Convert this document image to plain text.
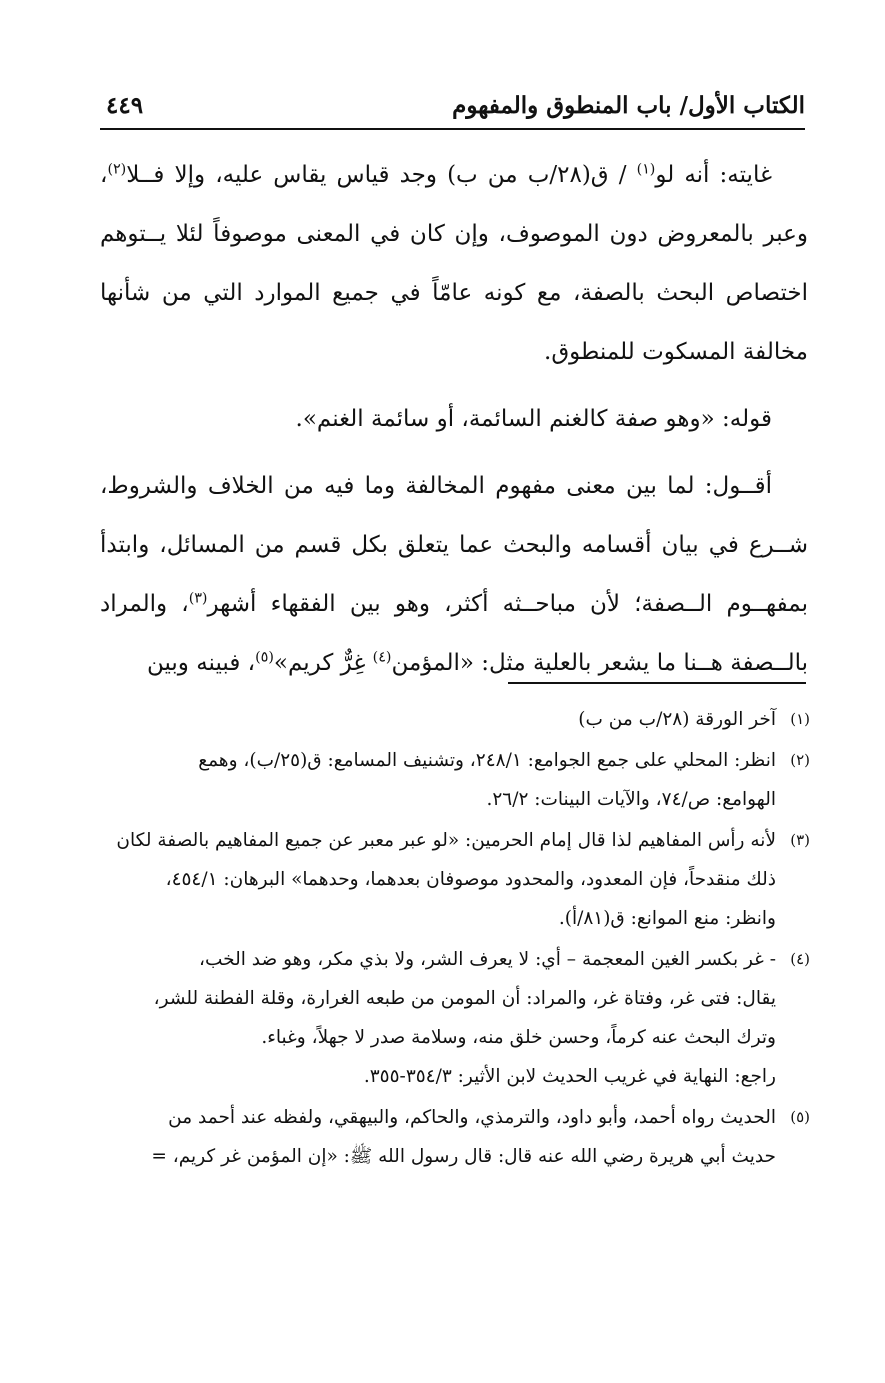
الكتاب الأول/ باب المنطوق والمفهوم
٤٤٩

غايته: أنه لو$^{(١)}$ / ق(٢٨/ب من ب) وجد قياس يقاس عليه، وإلا فــلا$^{(٢)}$، وعبر بالمعروض دون الموصوف، وإن كان في المعنى موصوفاً لئلا يــتوهم اختصاص البحث بالصفة، مع كونه عامّاً في جميع الموارد التي من شأنها مخالفة المسكوت للمنطوق.

قوله: «وهو صفة كالغنم السائمة، أو سائمة الغنم».

أقــول: لما بين معنى مفهوم المخالفة وما فيه من الخلاف والشروط، شــرع في بيان أقسامه والبحث عما يتعلق بكل قسم من المسائل، وابتدأ بمفهــوم الــصفة؛ لأن مباحــثه أكثر، وهو بين الفقهاء أشهر$^{(٣)}$، والمراد بالــصفة هــنا ما يشعر بالعلية مثل: «المؤمن$^{(٤)}$ غِرٌّ كريم»$^{(٥)}$، فبينه وبين

(١)
آخر الورقة (٢٨/ب من ب)
(٢)
انظر: المحلي على جمع الجوامع: ٢٤٨/١، وتشنيف المسامع: ق(٢٥/ب)، وهمع
الهوامع: ص/٧٤، والآيات البينات: ٢٦/٢.
(٣)
لأنه رأس المفاهيم لذا قال إمام الحرمين: «لو عبر معبر عن جميع المفاهيم بالصفة لكان
ذلك منقدحاً، فإن المعدود، والمحدود موصوفان بعدهما، وحدهما» البرهان: ٤٥٤/١،
وانظر: منع الموانع: ق(٨١/أ).
(٤)
- غر بكسر الغين المعجمة – أي: لا يعرف الشر، ولا بذي مكر، وهو ضد الخب،
يقال: فتى غر، وفتاة غر، والمراد: أن المومن من طبعه الغرارة، وقلة الفطنة للشر،
وترك البحث عنه كرماً، وحسن خلق منه، وسلامة صدر لا جهلاً، وغباء.
راجع: النهاية في غريب الحديث لابن الأثير: ٣٥٤/٣-٣٥٥.
(٥)
الحديث رواه أحمد، وأبو داود، والترمذي، والحاكم، والبيهقي، ولفظه عند أحمد من
حديث أبي هريرة رضي الله عنه قال: قال رسول الله ﷺ: «إن المؤمن غر كريم، =
